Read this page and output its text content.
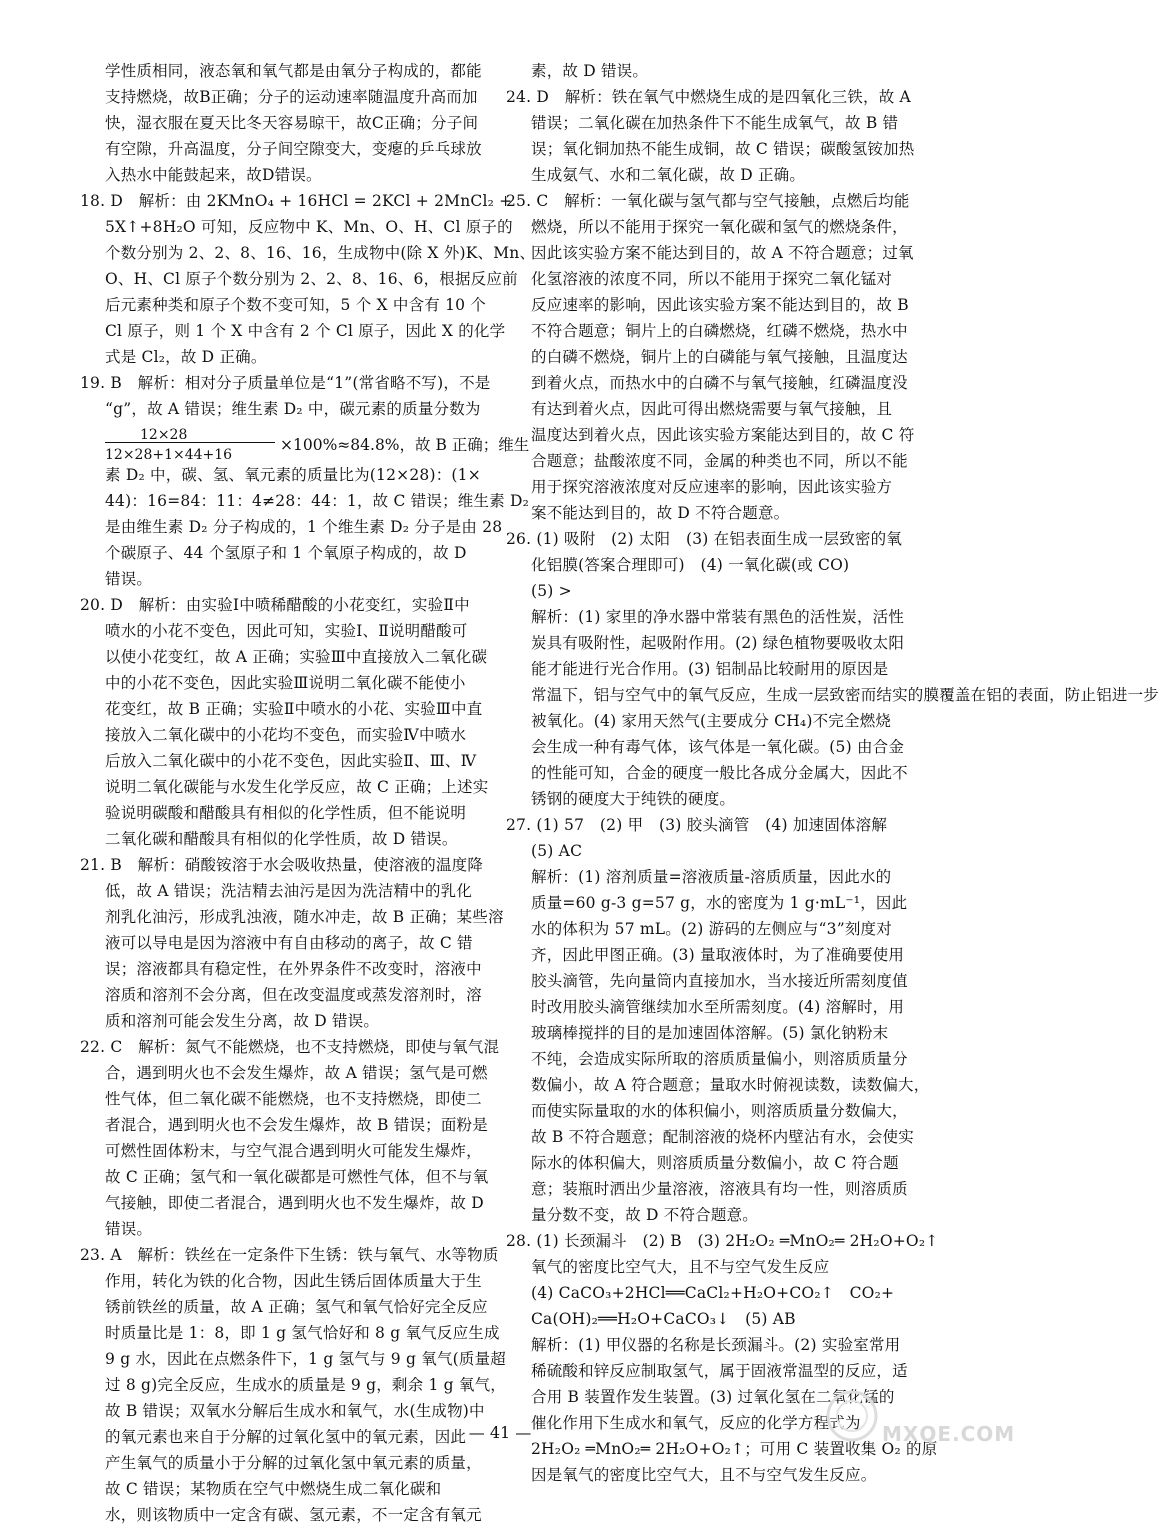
学性质相同，液态氧和氧气都是由氧分子构成的，都能
支持燃烧，故B正确；分子的运动速率随温度升高而加
快，湿衣服在夏天比冬天容易晾干，故C正确；分子间
有空隙，升高温度，分子间空隙变大，变瘪的乒乓球放
入热水中能鼓起来，故D错误。
18. D　解析：由 2KMnO₄ + 16HCl = 2KCl + 2MnCl₂ +
5X↑+8H₂O 可知，反应物中 K、Mn、O、H、Cl 原子的
个数分别为 2、2、8、16、16，生成物中(除 X 外)K、Mn、
O、H、Cl 原子个数分别为 2、2、8、16、6，根据反应前
后元素种类和原子个数不变可知，5 个 X 中含有 10 个
Cl 原子，则 1 个 X 中含有 2 个 Cl 原子，因此 X 的化学
式是 Cl₂，故 D 正确。
19. B　解析：相对分子质量单位是“1”(常省略不写)，不是
“g”，故 A 错误；维生素 D₂ 中，碳元素的质量分数为
12×28
12×28+1×44+16
×100%≈84.8%，故 B 正确；维生
素 D₂ 中，碳、氢、氧元素的质量比为(12×28)：(1×
44)：16=84：11：4≠28：44：1，故 C 错误；维生素 D₂
是由维生素 D₂ 分子构成的，1 个维生素 D₂ 分子是由 28
个碳原子、44 个氢原子和 1 个氧原子构成的，故 D
错误。
20. D　解析：由实验Ⅰ中喷稀醋酸的小花变红，实验Ⅱ中
喷水的小花不变色，因此可知，实验Ⅰ、Ⅱ说明醋酸可
以使小花变红，故 A 正确；实验Ⅲ中直接放入二氧化碳
中的小花不变色，因此实验Ⅲ说明二氧化碳不能使小
花变红，故 B 正确；实验Ⅱ中喷水的小花、实验Ⅲ中直
接放入二氧化碳中的小花均不变色，而实验Ⅳ中喷水
后放入二氧化碳中的小花不变色，因此实验Ⅱ、Ⅲ、Ⅳ
说明二氧化碳能与水发生化学反应，故 C 正确；上述实
验说明碳酸和醋酸具有相似的化学性质，但不能说明
二氧化碳和醋酸具有相似的化学性质，故 D 错误。
21. B　解析：硝酸铵溶于水会吸收热量，使溶液的温度降
低，故 A 错误；洗洁精去油污是因为洗洁精中的乳化
剂乳化油污，形成乳浊液，随水冲走，故 B 正确；某些溶
液可以导电是因为溶液中有自由移动的离子，故 C 错
误；溶液都具有稳定性，在外界条件不改变时，溶液中
溶质和溶剂不会分离，但在改变温度或蒸发溶剂时，溶
质和溶剂可能会发生分离，故 D 错误。
22. C　解析：氮气不能燃烧，也不支持燃烧，即使与氧气混
合，遇到明火也不会发生爆炸，故 A 错误；氢气是可燃
性气体，但二氧化碳不能燃烧，也不支持燃烧，即使二
者混合，遇到明火也不会发生爆炸，故 B 错误；面粉是
可燃性固体粉末，与空气混合遇到明火可能发生爆炸，
故 C 正确；氢气和一氧化碳都是可燃性气体，但不与氧
气接触，即使二者混合，遇到明火也不发生爆炸，故 D
错误。
23. A　解析：铁丝在一定条件下生锈：铁与氧气、水等物质
作用，转化为铁的化合物，因此生锈后固体质量大于生
锈前铁丝的质量，故 A 正确；氢气和氧气恰好完全反应
时质量比是 1：8，即 1 g 氢气恰好和 8 g 氧气反应生成
9 g 水，因此在点燃条件下，1 g 氢气与 9 g 氧气(质量超
过 8 g)完全反应，生成水的质量是 9 g，剩余 1 g 氧气，
故 B 错误；双氧水分解后生成水和氧气，水(生成物)中
的氧元素也来自于分解的过氧化氢中的氧元素，因此
产生氧气的质量小于分解的过氧化氢中氧元素的质量，
故 C 错误；某物质在空气中燃烧生成二氧化碳和
水，则该物质中一定含有碳、氢元素，不一定含有氧元
素，故 D 错误。
24. D　解析：铁在氧气中燃烧生成的是四氧化三铁，故 A
错误；二氧化碳在加热条件下不能生成氧气，故 B 错
误；氧化铜加热不能生成铜，故 C 错误；碳酸氢铵加热
生成氨气、水和二氧化碳，故 D 正确。
25. C　解析：一氧化碳与氢气都与空气接触，点燃后均能
燃烧，所以不能用于探究一氧化碳和氢气的燃烧条件，
因此该实验方案不能达到目的，故 A 不符合题意；过氧
化氢溶液的浓度不同，所以不能用于探究二氧化锰对
反应速率的影响，因此该实验方案不能达到目的，故 B
不符合题意；铜片上的白磷燃烧，红磷不燃烧，热水中
的白磷不燃烧，铜片上的白磷能与氧气接触，且温度达
到着火点，而热水中的白磷不与氧气接触，红磷温度没
有达到着火点，因此可得出燃烧需要与氧气接触，且
温度达到着火点，因此该实验方案能达到目的，故 C 符
合题意；盐酸浓度不同，金属的种类也不同，所以不能
用于探究溶液浓度对反应速率的影响，因此该实验方
案不能达到目的，故 D 不符合题意。
26. (1) 吸附　(2) 太阳　(3) 在铝表面生成一层致密的氧
化铝膜(答案合理即可)　(4) 一氧化碳(或 CO)
(5) >
解析：(1) 家里的净水器中常装有黑色的活性炭，活性
炭具有吸附性，起吸附作用。(2) 绿色植物要吸收太阳
能才能进行光合作用。(3) 铝制品比较耐用的原因是
常温下，铝与空气中的氧气反应，生成一层致密而结实的膜覆盖在铝的表面，防止铝进一步
被氧化。(4) 家用天然气(主要成分 CH₄)不完全燃烧
会生成一种有毒气体，该气体是一氧化碳。(5) 由合金
的性能可知，合金的硬度一般比各成分金属大，因此不
锈钢的硬度大于纯铁的硬度。
27. (1) 57　(2) 甲　(3) 胶头滴管　(4) 加速固体溶解
(5) AC
解析：(1) 溶剂质量=溶液质量-溶质质量，因此水的
质量=60 g-3 g=57 g，水的密度为 1 g·mL⁻¹，因此
水的体积为 57 mL。(2) 游码的左侧应与“3”刻度对
齐，因此甲图正确。(3) 量取液体时，为了准确要使用
胶头滴管，先向量筒内直接加水，当水接近所需刻度值
时改用胶头滴管继续加水至所需刻度。(4) 溶解时，用
玻璃棒搅拌的目的是加速固体溶解。(5) 氯化钠粉末
不纯，会造成实际所取的溶质质量偏小，则溶质质量分
数偏小，故 A 符合题意；量取水时俯视读数，读数偏大，
而使实际量取的水的体积偏小，则溶质质量分数偏大，
故 B 不符合题意；配制溶液的烧杯内壁沾有水，会使实
际水的体积偏大，则溶质质量分数偏小，故 C 符合题
意；装瓶时洒出少量溶液，溶液具有均一性，则溶质质
量分数不变，故 D 不符合题意。
28. (1) 长颈漏斗　(2) B　(3) 2H₂O₂ ═MnO₂═ 2H₂O+O₂↑
氧气的密度比空气大，且不与空气发生反应
(4) CaCO₃+2HCl══CaCl₂+H₂O+CO₂↑　CO₂+
Ca(OH)₂══H₂O+CaCO₃↓　(5) AB
解析：(1) 甲仪器的名称是长颈漏斗。(2) 实验室常用
稀硫酸和锌反应制取氢气，属于固液常温型的反应，适
合用 B 装置作发生装置。(3) 过氧化氢在二氧化锰的
催化作用下生成水和氧气，反应的化学方程式为
2H₂O₂ ═MnO₂═ 2H₂O+O₂↑；可用 C 装置收集 O₂ 的原
因是氧气的密度比空气大，且不与空气发生反应。
— 41 —	MXQE.COM
